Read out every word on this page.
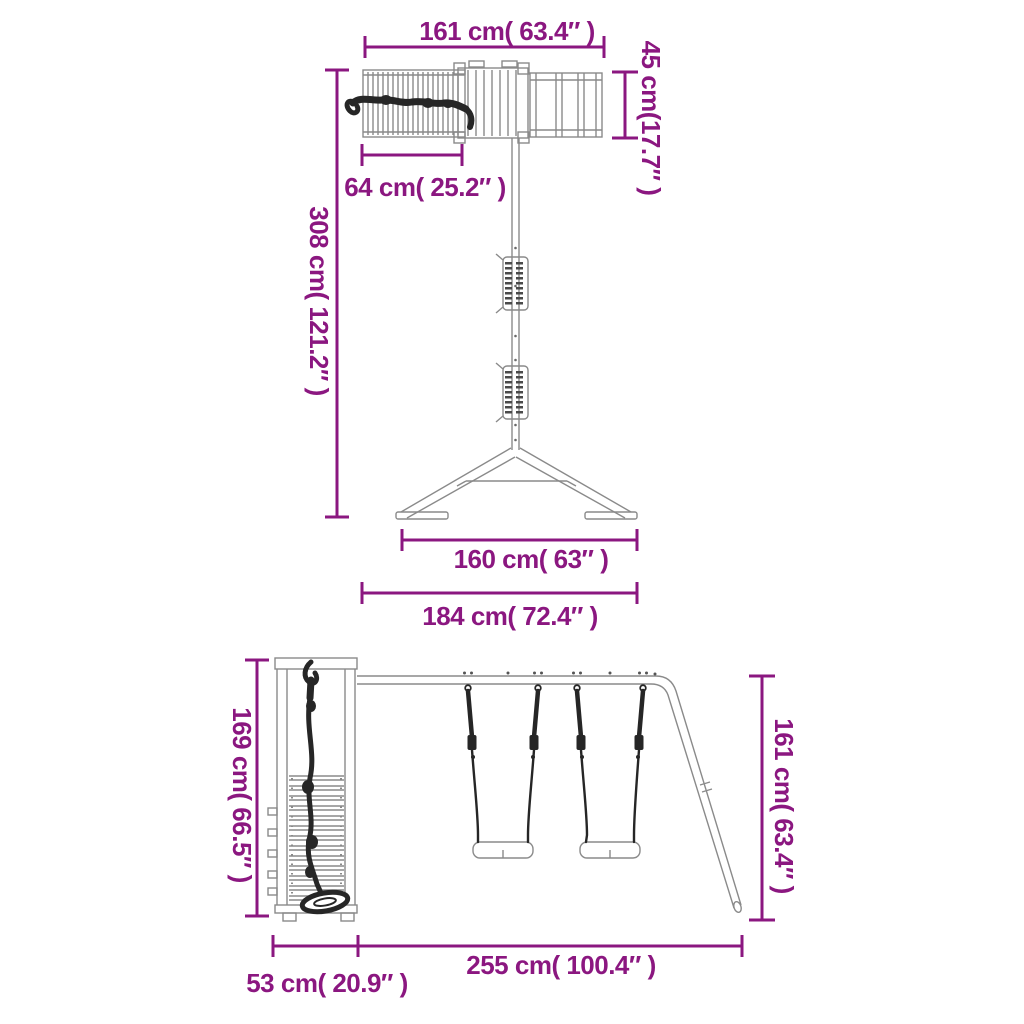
161 cm( 63.4″ )
45 cm(17.7″ )
64 cm( 25.2″ )
308 cm( 121.2″ )
160 cm( 63″ )
184 cm( 72.4″ )
169 cm( 66.5″ )	161 cm( 63.4″ )
53 cm( 20.9″ )
255 cm( 100.4″ )
